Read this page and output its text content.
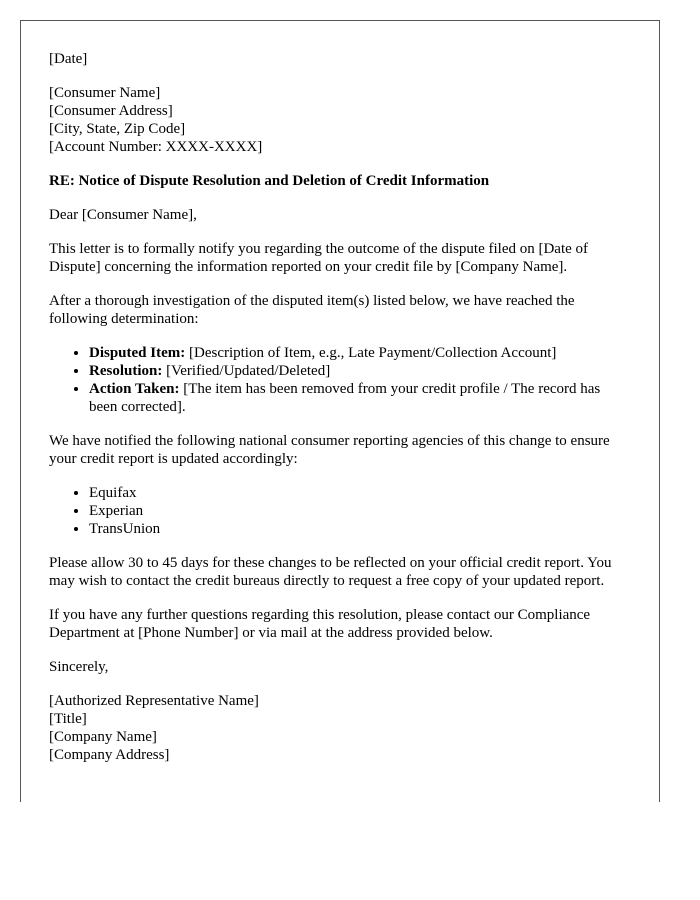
[Date]

[Consumer Name]
[Consumer Address]
[City, State, Zip Code]
[Account Number: XXXX-XXXX]

RE: Notice of Dispute Resolution and Deletion of Credit Information

Dear [Consumer Name],

This letter is to formally notify you regarding the outcome of the dispute filed on [Date of Dispute] concerning the information reported on your credit file by [Company Name].

After a thorough investigation of the disputed item(s) listed below, we have reached the following determination:

• Disputed Item: [Description of Item, e.g., Late Payment/Collection Account]
• Resolution: [Verified/Updated/Deleted]
• Action Taken: [The item has been removed from your credit profile / The record has been corrected].

We have notified the following national consumer reporting agencies of this change to ensure your credit report is updated accordingly:

• Equifax
• Experian
• TransUnion

Please allow 30 to 45 days for these changes to be reflected on your official credit report. You may wish to contact the credit bureaus directly to request a free copy of your updated report.

If you have any further questions regarding this resolution, please contact our Compliance Department at [Phone Number] or via mail at the address provided below.

Sincerely,

[Authorized Representative Name]
[Title]
[Company Name]
[Company Address]
